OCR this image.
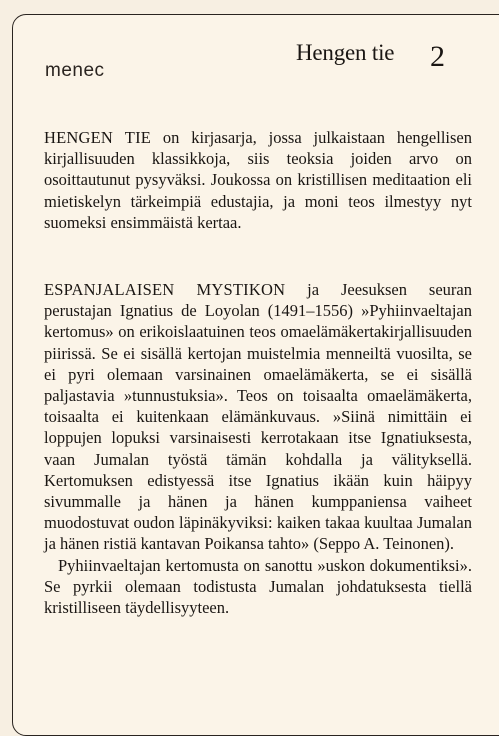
menec
Hengen tie 2

HENGEN TIE on kirjasarja, jossa julkaistaan hengellisen kirjallisuuden klassikkoja, siis teoksia joiden arvo on osoittautunut pysyväksi. Joukossa on kristillisen meditaation eli mietiskelyn tärkeimpiä edustajia, ja moni teos ilmestyy nyt suomeksi ensimmäistä kertaa.

ESPANJALAISEN MYSTIKON ja Jeesuksen seuran perustajan Ignatius de Loyolan (1491–1556) »Pyhiinvaeltajan kertomus» on erikoislaatuinen teos omaelämäkertakirjallisuuden piirissä. Se ei sisällä kertojan muistelmia menneiltä vuosilta, se ei pyri olemaan varsinainen omaelämäkerta, se ei sisällä paljastavia »tunnustuksia». Teos on toisaalta omaelämäkerta, toisaalta ei kuitenkaan elämänkuvaus. »Siinä nimittäin ei loppujen lopuksi varsinaisesti kerrotakaan itse Ignatiuksesta, vaan Jumalan työstä tämän kohdalla ja välityksellä. Kertomuksen edistyessä itse Ignatius ikään kuin häipyy sivummalle ja hänen ja hänen kumppaniensa vaiheet muodostuvat oudon läpinäkyviksi: kaiken takaa kuultaa Jumalan ja hänen ristiä kantavan Poikansa tahto» (Seppo A. Teinonen).

Pyhiinvaeltajan kertomusta on sanottu »uskon dokumentiksi». Se pyrkii olemaan todistusta Jumalan johdatuksesta tiellä kristilliseen täydellisyyteen.
